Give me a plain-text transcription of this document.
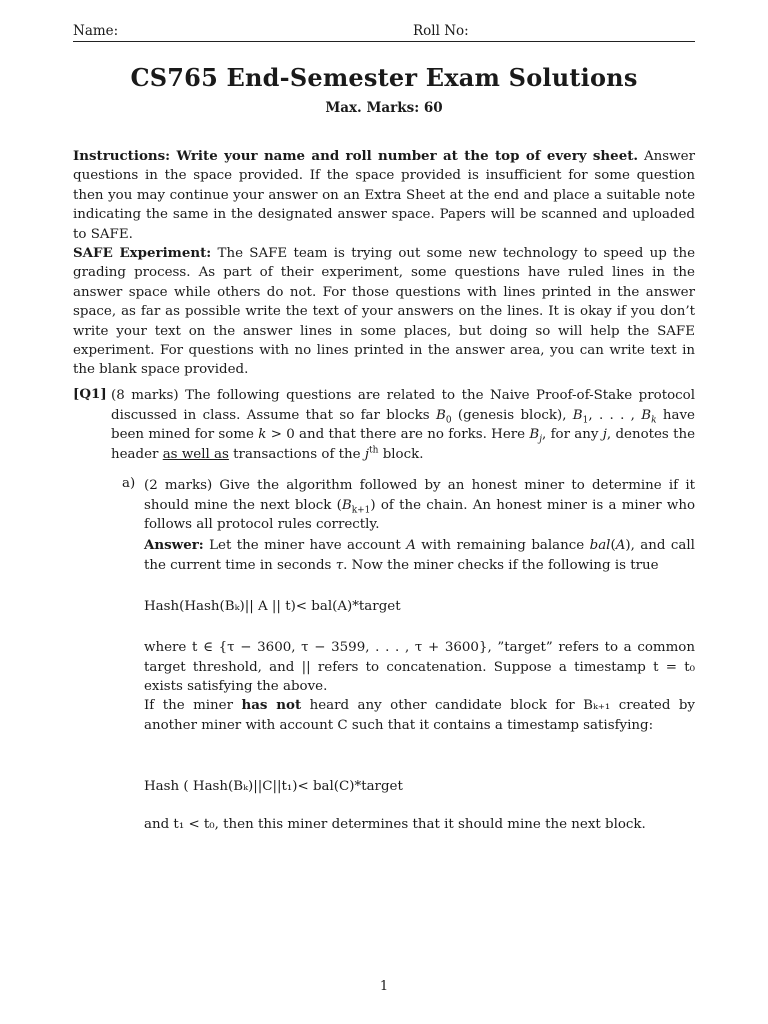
Name:	Roll No:
CS765 End-Semester Exam Solutions
Max. Marks: 60
Instructions: Write your name and roll number at the top of every sheet. Answer questions in the space provided. If the space provided is insufficient for some question then you may continue your answer on an Extra Sheet at the end and place a suitable note indicating the same in the designated answer space. Papers will be scanned and uploaded to SAFE.
SAFE Experiment: The SAFE team is trying out some new technology to speed up the grading process. As part of their experiment, some questions have ruled lines in the answer space while others do not. For those questions with lines printed in the answer space, as far as possible write the text of your answers on the lines. It is okay if you don’t write your text on the answer lines in some places, but doing so will help the SAFE experiment. For questions with no lines printed in the answer area, you can write text in the blank space provided.
[Q1] (8 marks) The following questions are related to the Naive Proof-of-Stake protocol discussed in class. Assume that so far blocks $B_0$ (genesis block), $B_1$, . . . , $B_k$ have been mined for some k > 0 and that there are no forks. Here $B_j$, for any j, denotes the header as well as transactions of the $j^{th}$ block.
a) (2 marks) Give the algorithm followed by an honest miner to determine if it should mine the next block $(B_{k+1})$ of the chain. An honest miner is a miner who follows all protocol rules correctly.
Answer: Let the miner have account A with remaining balance bal(A), and call the current time in seconds τ. Now the miner checks if the following is true
Hash(Hash(Bₖ)|| A || t)< bal(A)*target
where t ∈ {τ − 3600, τ − 3599, . . . , τ + 3600}, ”target” refers to a common target threshold, and || refers to concatenation. Suppose a timestamp t = t₀ exists satisfying the above.
If the miner has not heard any other candidate block for Bₖ₊₁ created by another miner with account C such that it contains a timestamp satisfying:
Hash ( Hash(Bₖ)||C||t₁)< bal(C)*target
and t₁ < t₀, then this miner determines that it should mine the next block.
1
